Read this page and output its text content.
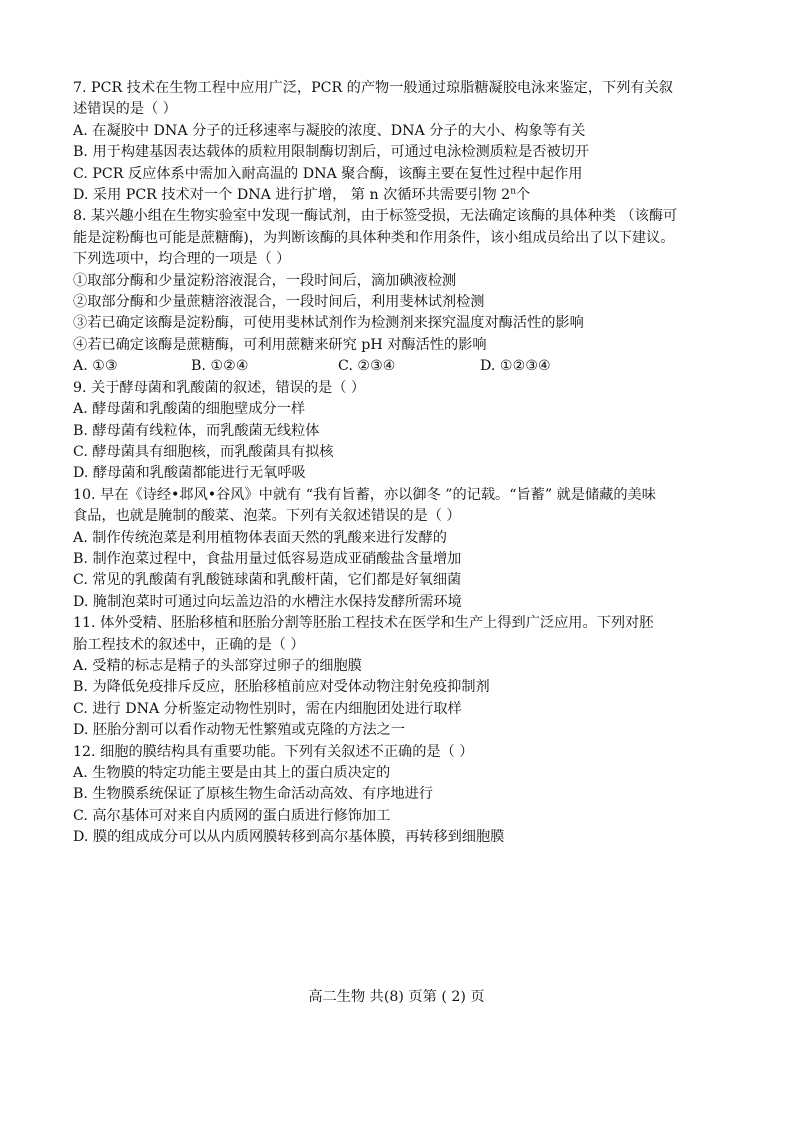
7. PCR 技术在生物工程中应用广泛，PCR 的产物一般通过琼脂糖凝胶电泳来鉴定，下列有关叙

述错误的是（ ）

A. 在凝胶中 DNA 分子的迁移速率与凝胶的浓度、DNA 分子的大小、构象等有关

B. 用于构建基因表达载体的质粒用限制酶切割后，可通过电泳检测质粒是否被切开

C. PCR 反应体系中需加入耐高温的 DNA 聚合酶，该酶主要在复性过程中起作用

D. 采用 PCR 技术对一个 DNA 进行扩增， 第 n 次循环共需要引物 2$^n$个

8. 某兴趣小组在生物实验室中发现一酶试剂，由于标签受损，无法确定该酶的具体种类 （该酶可

能是淀粉酶也可能是蔗糖酶)，为判断该酶的具体种类和作用条件，该小组成员给出了以下建议。

下列选项中，均合理的一项是（ ）

①取部分酶和少量淀粉溶液混合，一段时间后，滴加碘液检测

②取部分酶和少量蔗糖溶液混合，一段时间后，利用斐林试剂检测

③若已确定该酶是淀粉酶，可使用斐林试剂作为检测剂来探究温度对酶活性的影响

④若已确定该酶是蔗糖酶，可利用蔗糖来研究 pH 对酶活性的影响

A. ①③	B. ①②④	C. ②③④	D. ①②③④

9. 关于酵母菌和乳酸菌的叙述，错误的是（ ）

A. 酵母菌和乳酸菌的细胞壁成分一样

B. 酵母菌有线粒体，而乳酸菌无线粒体

C. 酵母菌具有细胞核，而乳酸菌具有拟核

D. 酵母菌和乳酸菌都能进行无氧呼吸

10. 早在《诗经•邶风•谷风》中就有 “我有旨蓄，亦以御冬 ”的记载。“旨蓄” 就是储藏的美味

食品，也就是腌制的酸菜、泡菜。下列有关叙述错误的是（ ）

A. 制作传统泡菜是利用植物体表面天然的乳酸来进行发酵的

B. 制作泡菜过程中，食盐用量过低容易造成亚硝酸盐含量增加

C. 常见的乳酸菌有乳酸链球菌和乳酸杆菌，它们都是好氧细菌

D. 腌制泡菜时可通过向坛盖边沿的水槽注水保持发酵所需环境

11. 体外受精、胚胎移植和胚胎分割等胚胎工程技术在医学和生产上得到广泛应用。下列对胚

胎工程技术的叙述中，正确的是（ ）

A. 受精的标志是精子的头部穿过卵子的细胞膜

B. 为降低免疫排斥反应，胚胎移植前应对受体动物注射免疫抑制剂

C. 进行 DNA 分析鉴定动物性别时，需在内细胞团处进行取样

D. 胚胎分割可以看作动物无性繁殖或克隆的方法之一

12. 细胞的膜结构具有重要功能。下列有关叙述不正确的是（ ）

A. 生物膜的特定功能主要是由其上的蛋白质决定的

B. 生物膜系统保证了原核生物生命活动高效、有序地进行

C. 高尔基体可对来自内质网的蛋白质进行修饰加工

D. 膜的组成成分可以从内质网膜转移到高尔基体膜，再转移到细胞膜

高二生物 共(8) 页第 ( 2) 页
